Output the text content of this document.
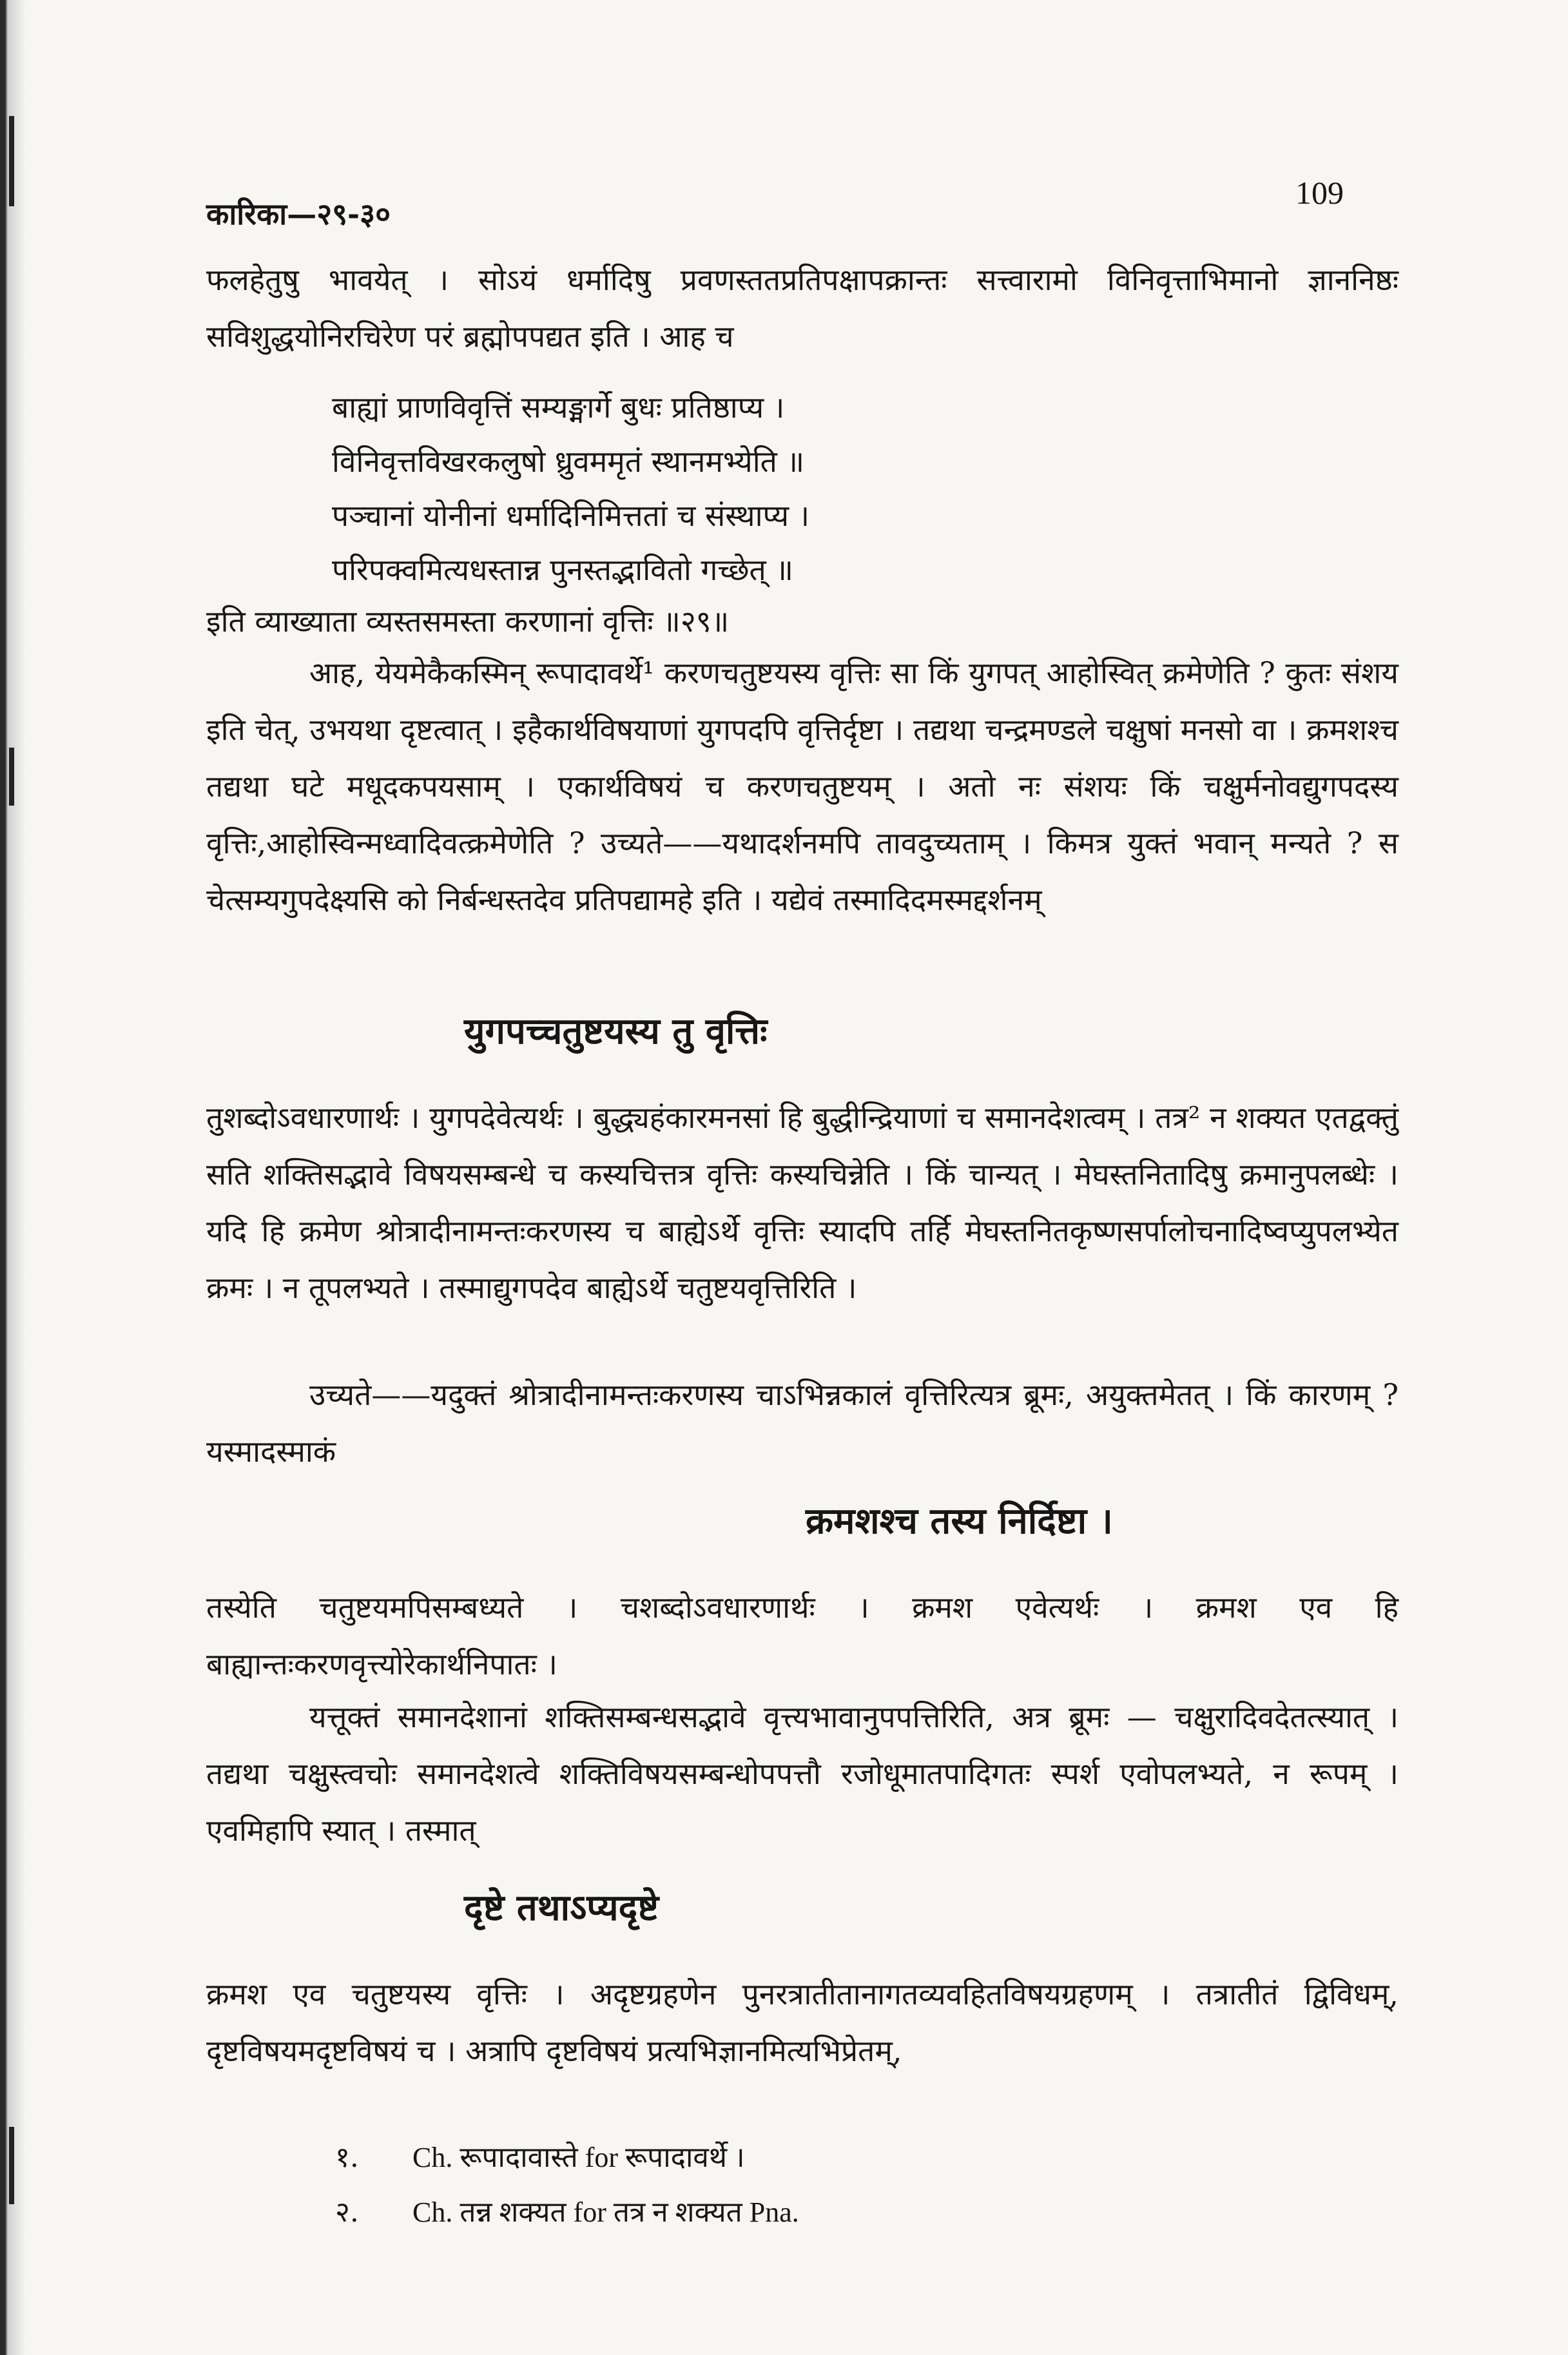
कारिका—२९-३०
109
फलहेतुषु भावयेत् । सोऽयं धर्मादिषु प्रवणस्ततप्रतिपक्षापक्रान्तः सत्त्वारामो विनिवृत्ताभिमानो ज्ञाननिष्ठः सविशुद्धयोनिरचिरेण परं ब्रह्मोपपद्यत इति । आह च
बाह्यां प्राणविवृत्तिं सम्यङ्मार्गे बुधः प्रतिष्ठाप्य ।
विनिवृत्तविखरकलुषो ध्रुवममृतं स्थानमभ्येति ॥
पञ्चानां योनीनां धर्मादिनिमित्ततां च संस्थाप्य ।
परिपक्वमित्यधस्तान्न पुनस्तद्भावितो गच्छेत् ॥
इति व्याख्याता व्यस्तसमस्ता करणानां वृत्तिः ॥२९॥
आह, येयमेकैकस्मिन् रूपादावर्थे¹ करणचतुष्टयस्य वृत्तिः सा किं युगपत् आहोस्वित् क्रमेणेति ? कुतः संशय इति चेत्, उभयथा दृष्टत्वात् । इहैकार्थविषयाणां युगपदपि वृत्तिर्दृष्टा । तद्यथा चन्द्रमण्डले चक्षुषां मनसो वा । क्रमशश्च तद्यथा घटे मधूदकपयसाम् । एकार्थविषयं च करणचतुष्टयम् । अतो नः संशयः किं चक्षुर्मनोवद्युगपदस्य वृत्तिः,आहोस्विन्मध्वादिवत्क्रमेणेति ? उच्यते——यथादर्शनमपि तावदुच्यताम् । किमत्र युक्तं भवान् मन्यते ? स चेत्सम्यगुपदेक्ष्यसि को निर्बन्धस्तदेव प्रतिपद्यामहे इति । यद्येवं तस्मादिदमस्मद्दर्शनम्
युगपच्चतुष्टयस्य तु वृत्तिः
तुशब्दोऽवधारणार्थः । युगपदेवेत्यर्थः । बुद्ध्यहंकारमनसां हि बुद्धीन्द्रियाणां च समानदेशत्वम् । तत्र² न शक्यत एतद्वक्तुं सति शक्तिसद्भावे विषयसम्बन्धे च कस्यचित्तत्र वृत्तिः कस्यचिन्नेति । किं चान्यत् । मेघस्तनितादिषु क्रमानुपलब्धेः । यदि हि क्रमेण श्रोत्रादीनामन्तःकरणस्य च बाह्येऽर्थे वृत्तिः स्यादपि तर्हि मेघस्तनितकृष्णसर्पालोचनादिष्वप्युपलभ्येत क्रमः । न तूपलभ्यते । तस्माद्युगपदेव बाह्येऽर्थे चतुष्टयवृत्तिरिति ।
उच्यते——यदुक्तं श्रोत्रादीनामन्तःकरणस्य चाऽभिन्नकालं वृत्तिरित्यत्र ब्रूमः, अयुक्तमेतत् । किं कारणम् ? यस्मादस्माकं
क्रमशश्च तस्य निर्दिष्टा ।
तस्येति चतुष्टयमपिसम्बध्यते । चशब्दोऽवधारणार्थः । क्रमश एवेत्यर्थः । क्रमश एव हि बाह्यान्तःकरणवृत्त्योरेकार्थनिपातः ।
यत्तूक्तं समानदेशानां शक्तिसम्बन्धसद्भावे वृत्त्यभावानुपपत्तिरिति, अत्र ब्रूमः — चक्षुरादिवदेतत्स्यात् । तद्यथा चक्षुस्त्वचोः समानदेशत्वे शक्तिविषयसम्बन्धोपपत्तौ रजोधूमातपादिगतः स्पर्श एवोपलभ्यते, न रूपम् । एवमिहापि स्यात् । तस्मात्
दृष्टे तथाऽप्यदृष्टे
क्रमश एव चतुष्टयस्य वृत्तिः । अदृष्टग्रहणेन पुनरत्रातीतानागतव्यवहितविषयग्रहणम् । तत्रातीतं द्विविधम्, दृष्टविषयमदृष्टविषयं च । अत्रापि दृष्टविषयं प्रत्यभिज्ञानमित्यभिप्रेतम्,
१. Ch. रूपादावास्ते for रूपादावर्थे ।
२. Ch. तन्न शक्यत for तत्र न शक्यत Pna.
